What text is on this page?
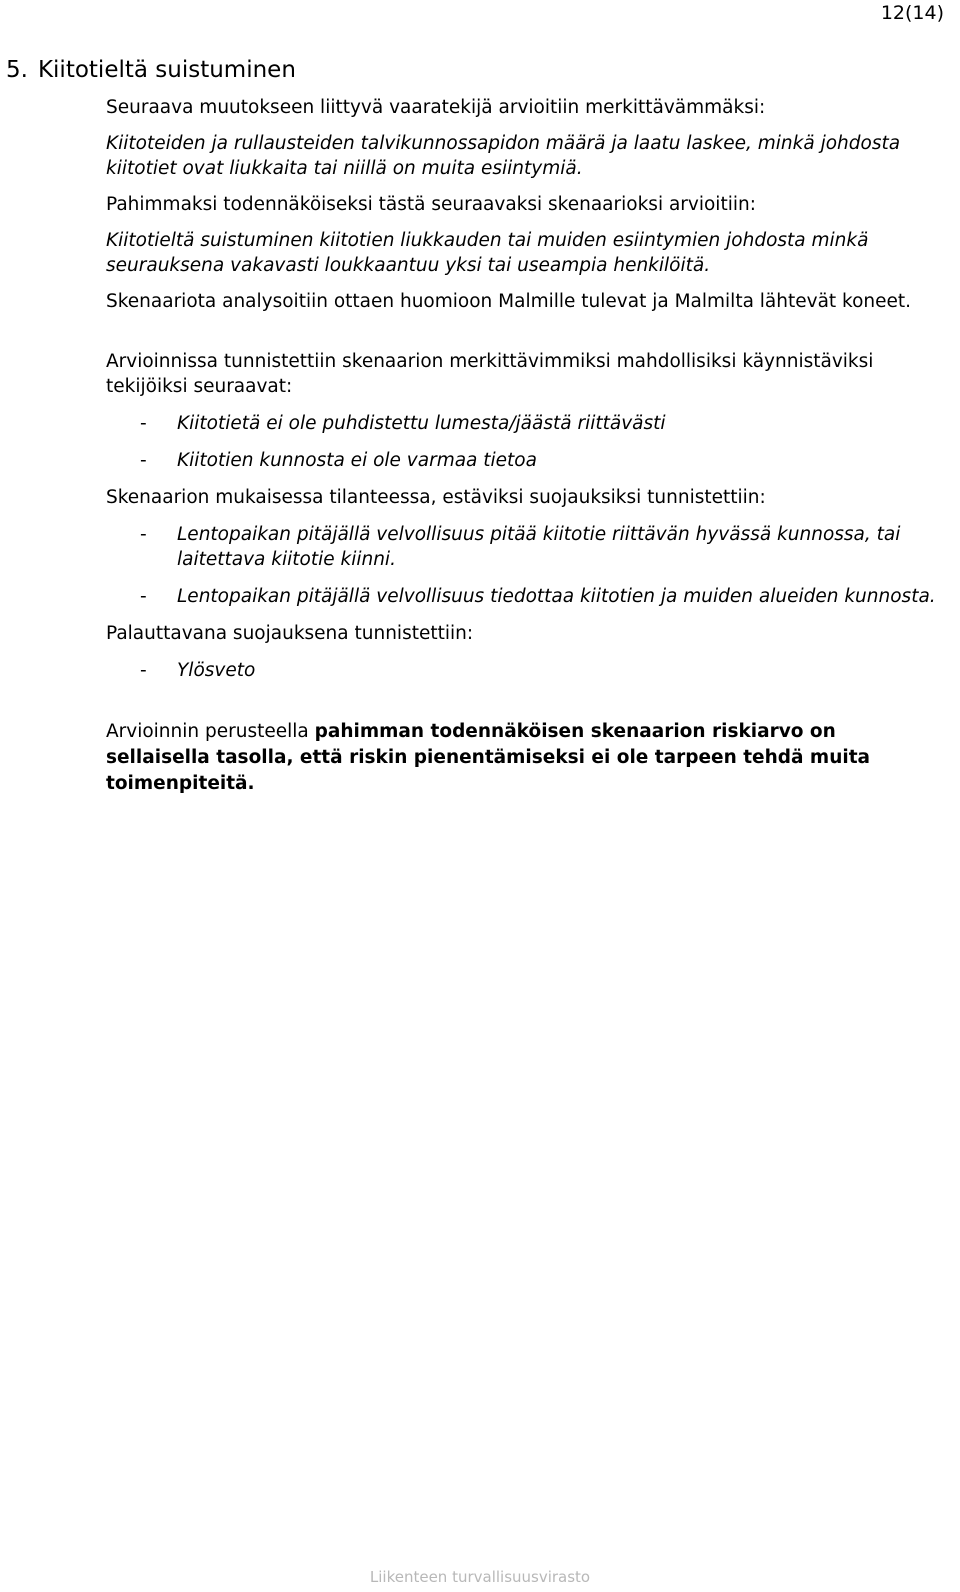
12(14)
5. Kiitotieltä suistuminen

Seuraava muutokseen liittyvä vaaratekijä arvioitiin merkittävämmäksi:

Kiitoteiden ja rullausteiden talvikunnossapidon määrä ja laatu laskee, minkä johdosta kiitotiet ovat liukkaita tai niillä on muita esiintymiä.

Pahimmaksi todennäköiseksi tästä seuraavaksi skenaarioksi arvioitiin:

Kiitotieltä suistuminen kiitotien liukkauden tai muiden esiintymien johdosta minkä seurauksena vakavasti loukkaantuu yksi tai useampia henkilöitä.

Skenaariota analysoitiin ottaen huomioon Malmille tulevat ja Malmilta lähtevät koneet.

Arvioinnissa tunnistettiin skenaarion merkittävimmiksi mahdollisiksi käynnistäviksi tekijöiksi seuraavat:

- Kiitotietä ei ole puhdistettu lumesta/jäästä riittävästi
- Kiitotien kunnosta ei ole varmaa tietoa

Skenaarion mukaisessa tilanteessa, estäviksi suojauksiksi tunnistettiin:

- Lentopaikan pitäjällä velvollisuus pitää kiitotie riittävän hyvässä kunnossa, tai laitettava kiitotie kiinni.
- Lentopaikan pitäjällä velvollisuus tiedottaa kiitotien ja muiden alueiden kunnosta.

Palauttavana suojauksena tunnistettiin:

- Ylösveto

Arvioinnin perusteella pahimman todennäköisen skenaarion riskiarvo on sellaisella tasolla, että riskin pienentämiseksi ei ole tarpeen tehdä muita toimenpiteitä.

Liikenteen turvallisuusvirasto
